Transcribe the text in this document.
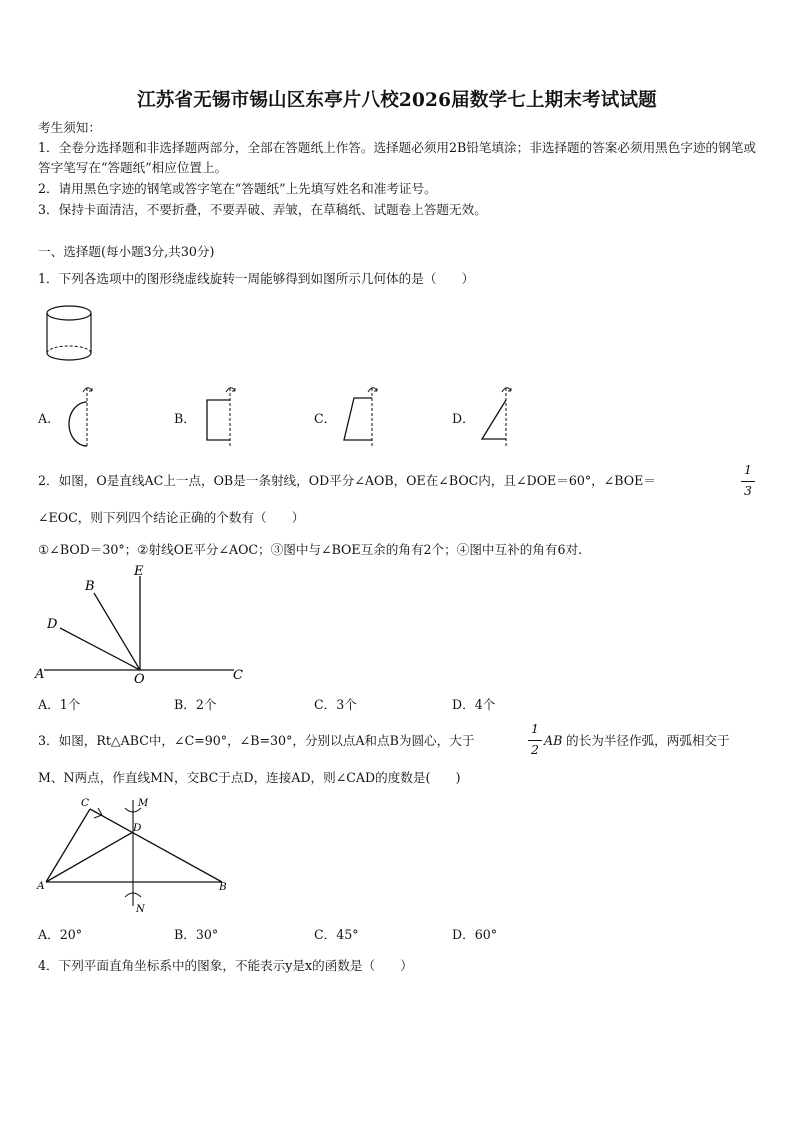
江苏省无锡市锡山区东亭片八校2026届数学七上期末考试试题
考生须知：
1．全卷分选择题和非选择题两部分，全部在答题纸上作答。选择题必须用2B铅笔填涂；非选择题的答案必须用黑色字迹的钢笔或答字笔写在“答题纸”相应位置上。
2．请用黑色字迹的钢笔或答字笔在“答题纸”上先填写姓名和准考证号。
3．保持卡面清洁，不要折叠，不要弄破、弄皱，在草稿纸、试题卷上答题无效。
一、选择题(每小题3分,共30分)
1．下列各选项中的图形绕虚线旋转一周能够得到如图所示几何体的是（　　）
A.	B．	C．	D．
2．如图，O是直线AC上一点，OB是一条射线，OD平分∠AOB，OE在∠BOC内，且∠DOE＝60°，∠BOE＝
1
3
∠EOC，则下列四个结论正确的个数有（　　）
①∠BOD＝30°；②射线OE平分∠AOC；③图中与∠BOE互余的角有2个；④图中互补的角有6对.
A	O	C
B
D
E
A．1个	B．2个	C．3个	D．4个
3．如图，Rt△ABC中，∠C=90°，∠B=30°，分别以点A和点B为圆心，大于
1
2
AB 的长为半径作弧，两弧相交于
M、N两点，作直线MN，交BC于点D，连接AD，则∠CAD的度数是(　　)
A	B
C
D
M
N
A．20°	B．30°	C．45°	D．60°
4．下列平面直角坐标系中的图象，不能表示y是x的函数是（　　）
